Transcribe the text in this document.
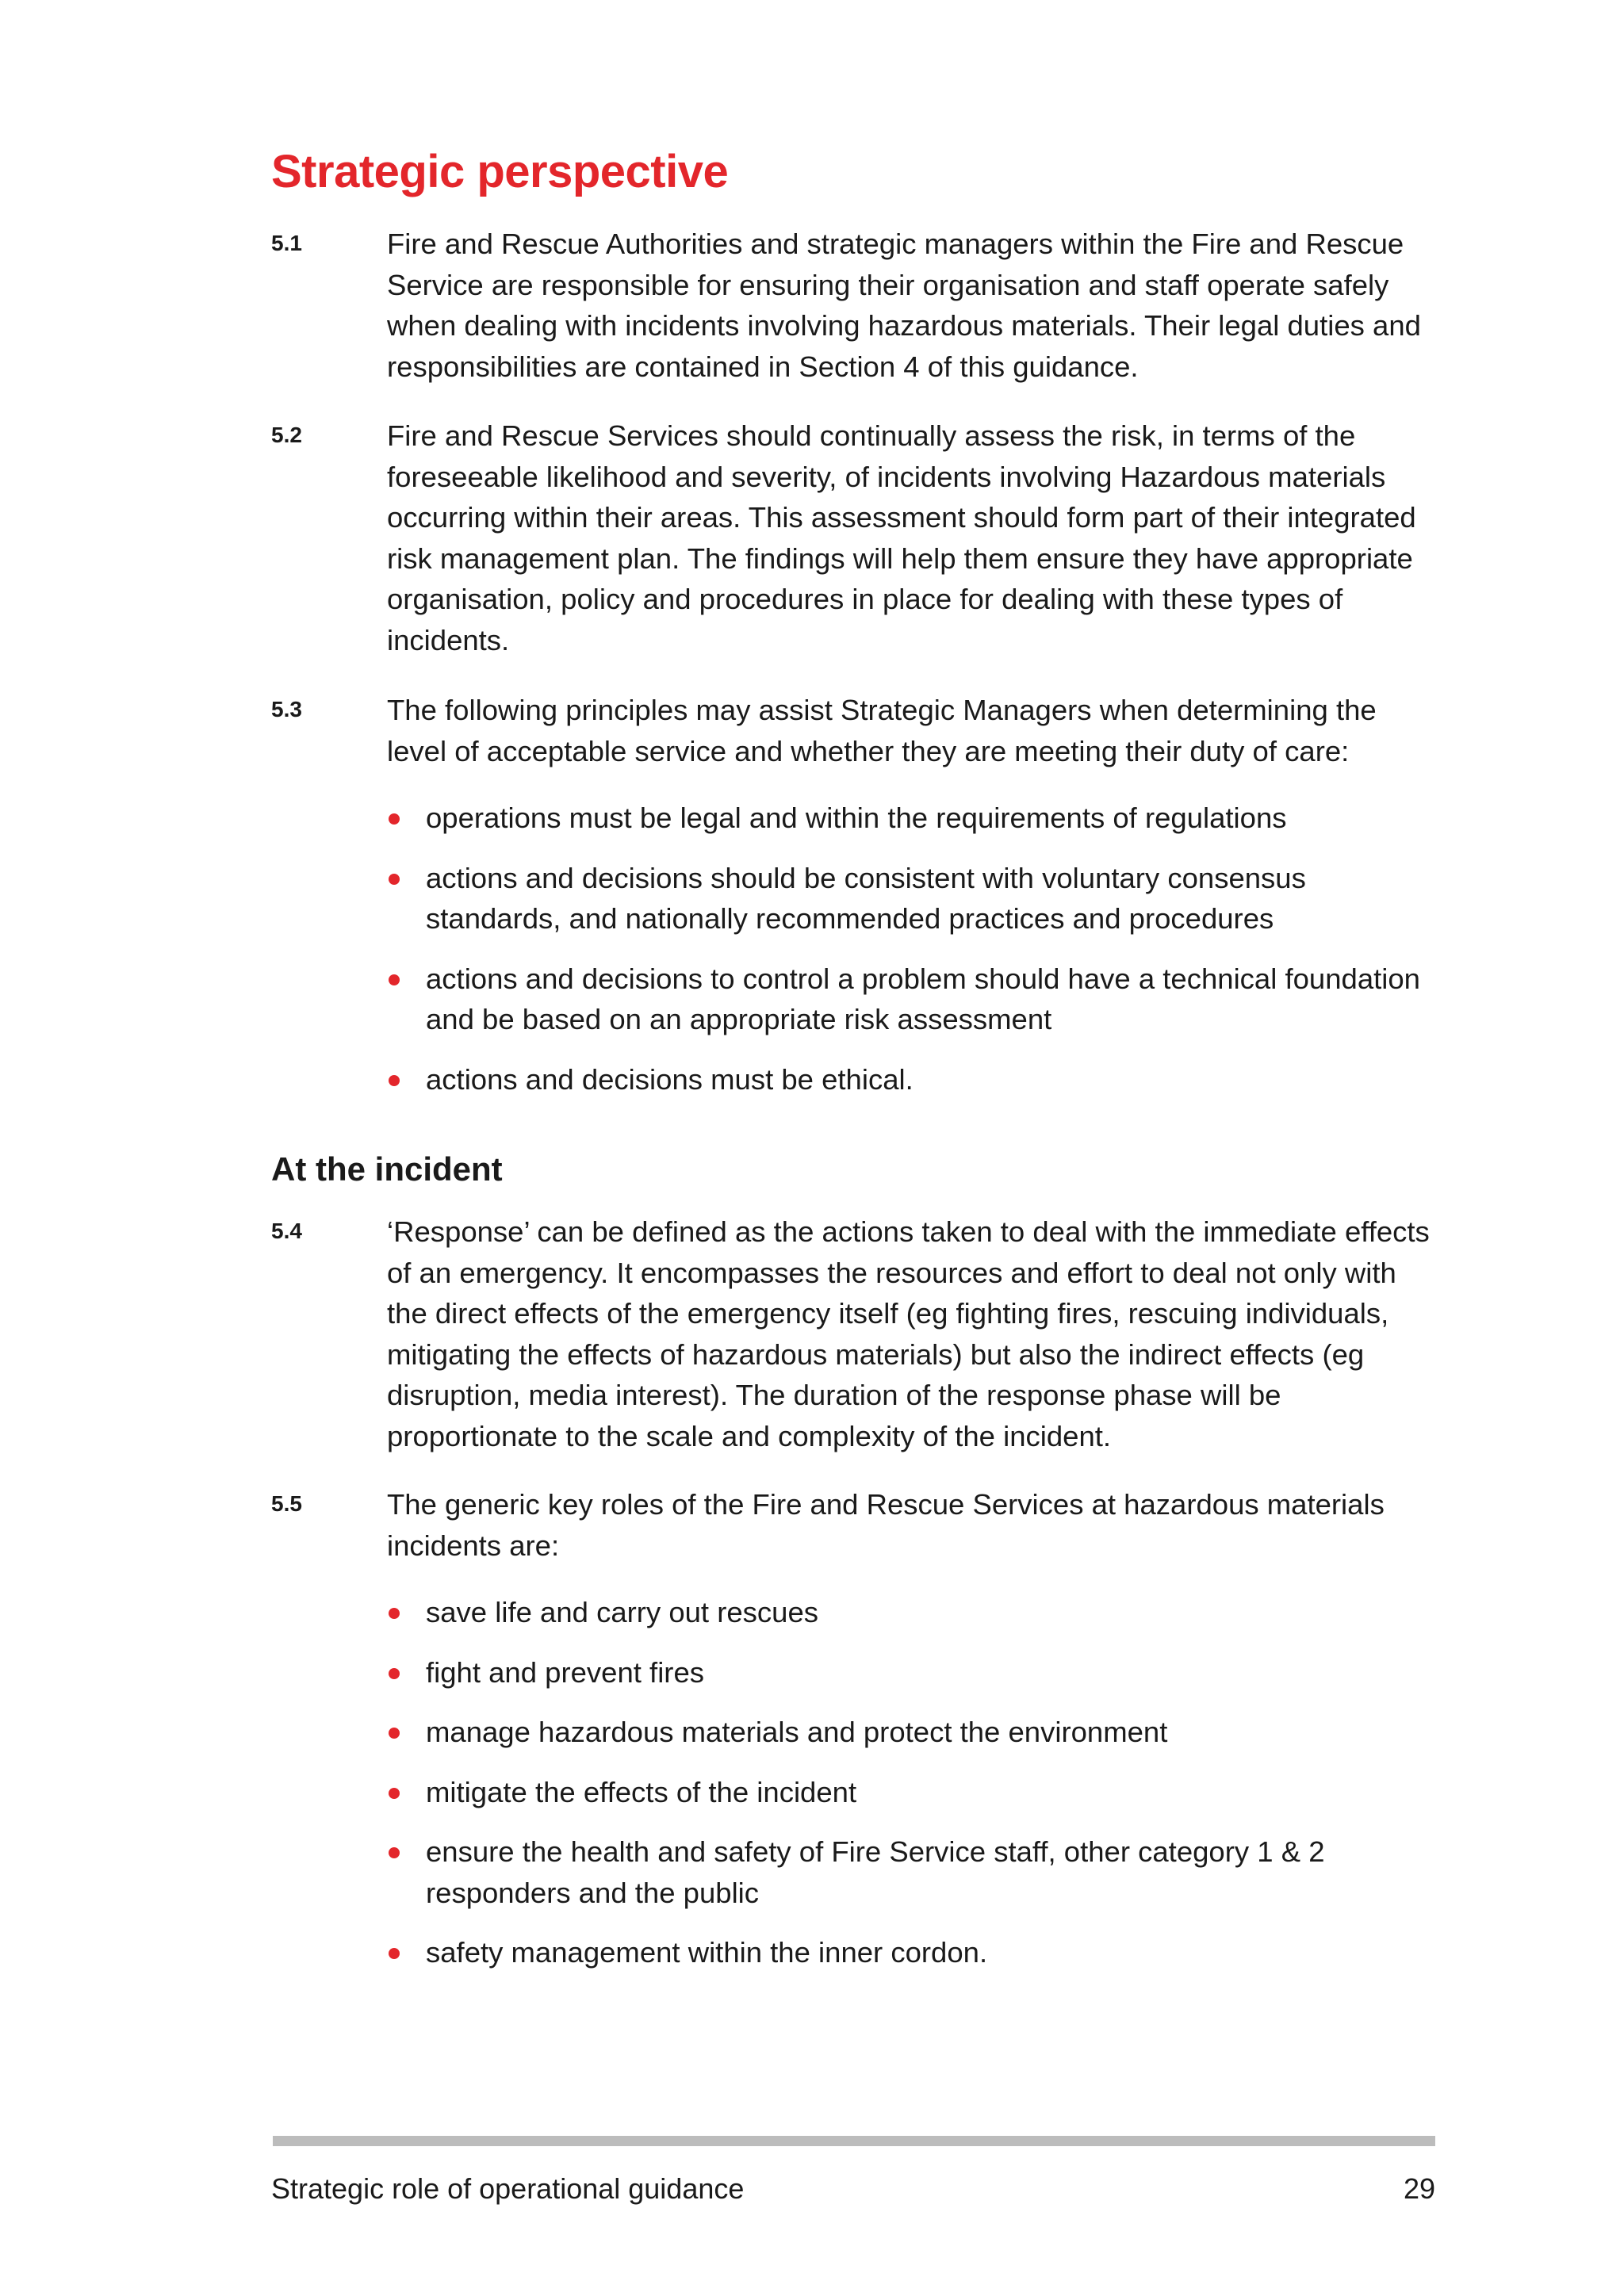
Strategic perspective
5.1	Fire and Rescue Authorities and strategic managers within the Fire and Rescue Service are responsible for ensuring their organisation and staff operate safely when dealing with incidents involving hazardous materials. Their legal duties and responsibilities are contained in Section 4 of this guidance.

5.2	Fire and Rescue Services should continually assess the risk, in terms of the foreseeable likelihood and severity, of incidents involving Hazardous materials occurring within their areas. This assessment should form part of their integrated risk management plan. The findings will help them ensure they have appropriate organisation, policy and procedures in place for dealing with these types of incidents.

5.3	The following principles may assist Strategic Managers when determining the level of acceptable service and whether they are meeting their duty of care:

operations must be legal and within the requirements of regulations
actions and decisions should be consistent with voluntary consensus standards, and nationally recommended practices and procedures
actions and decisions to control a problem should have a technical foundation and be based on an appropriate risk assessment
actions and decisions must be ethical.
At the incident
5.4	‘Response’ can be defined as the actions taken to deal with the immediate effects of an emergency. It encompasses the resources and effort to deal not only with the direct effects of the emergency itself (eg fighting fires, rescuing individuals, mitigating the effects of hazardous materials) but also the indirect effects (eg disruption, media interest). The duration of the response phase will be proportionate to the scale and complexity of the incident.

5.5	The generic key roles of the Fire and Rescue Services at hazardous materials incidents are:

save life and carry out rescues
fight and prevent fires
manage hazardous materials and protect the environment
mitigate the effects of the incident
ensure the health and safety of Fire Service staff, other category 1 & 2 responders and the public
safety management within the inner cordon.
Strategic role of operational guidance	29
